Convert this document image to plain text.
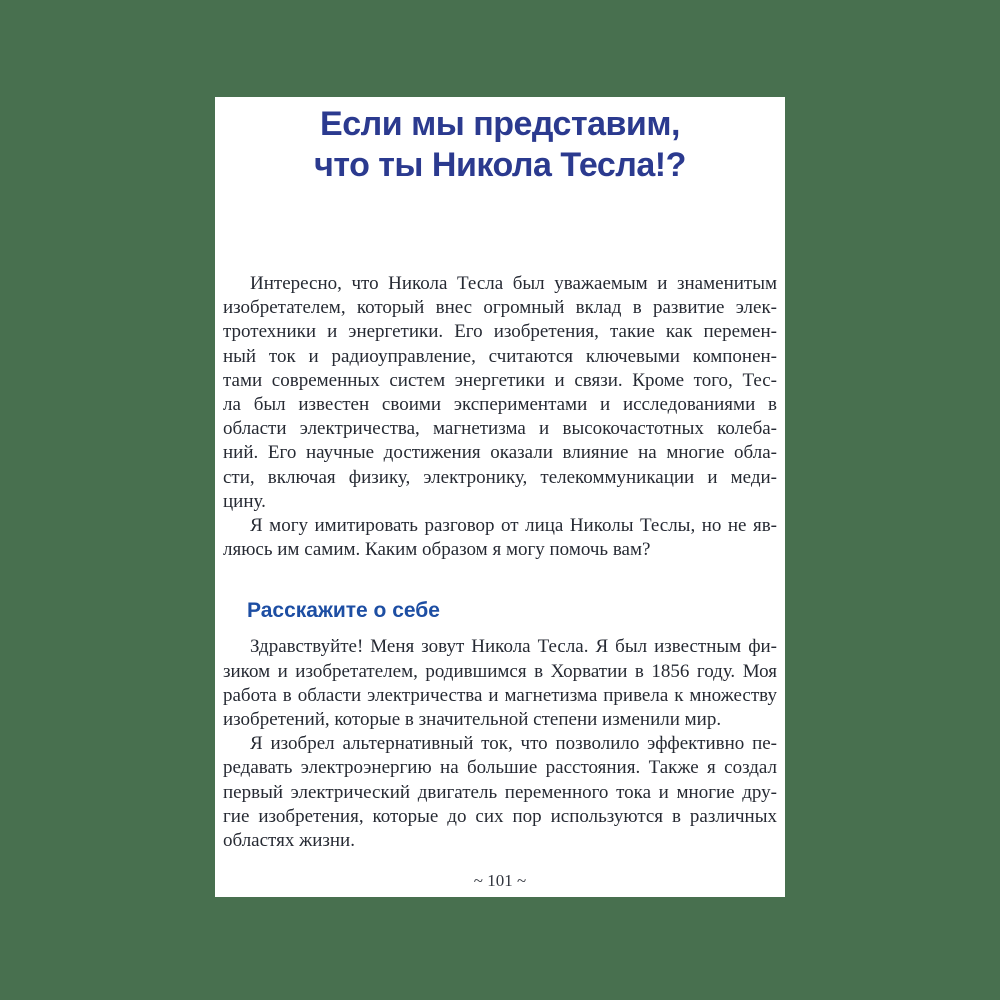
Если мы представим,
что ты Никола Тесла!?
Интересно, что Никола Тесла был уважаемым и знаменитым
изобретателем, который внес огромный вклад в развитие элек-
тротехники и энергетики. Его изобретения, такие как перемен-
ный ток и радиоуправление, считаются ключевыми компонен-
тами современных систем энергетики и связи. Кроме того, Тес-
ла был известен своими экспериментами и исследованиями в
области электричества, магнетизма и высокочастотных колеба-
ний. Его научные достижения оказали влияние на многие обла-
сти, включая физику, электронику, телекоммуникации и меди-
цину.
Я могу имитировать разговор от лица Николы Теслы, но не яв-
ляюсь им самим. Каким образом я могу помочь вам?
Расскажите о себе
Здравствуйте! Меня зовут Никола Тесла. Я был известным фи-
зиком и изобретателем, родившимся в Хорватии в 1856 году. Моя
работа в области электричества и магнетизма привела к множеству
изобретений, которые в значительной степени изменили мир.
Я изобрел альтернативный ток, что позволило эффективно пе-
редавать электроэнергию на большие расстояния. Также я создал
первый электрический двигатель переменного тока и многие дру-
гие изобретения, которые до сих пор используются в различных
областях жизни.
~ 101 ~
